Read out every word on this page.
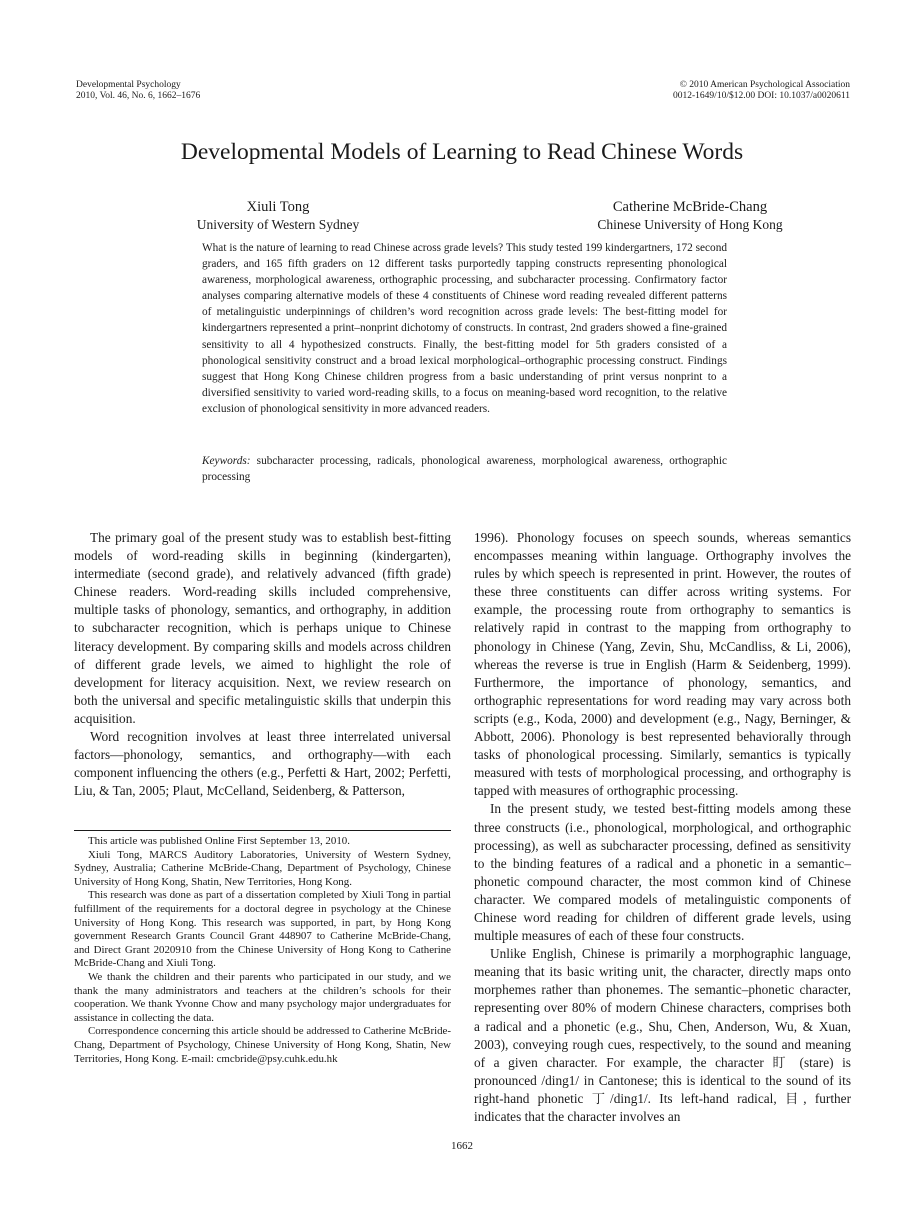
Developmental Psychology
2010, Vol. 46, No. 6, 1662–1676
© 2010 American Psychological Association
0012-1649/10/$12.00 DOI: 10.1037/a0020611
Developmental Models of Learning to Read Chinese Words
Xiuli Tong
University of Western Sydney
Catherine McBride-Chang
Chinese University of Hong Kong

What is the nature of learning to read Chinese across grade levels? This study tested 199 kindergartners, 172 second graders, and 165 fifth graders on 12 different tasks purportedly tapping constructs representing phonological awareness, morphological awareness, orthographic processing, and subcharacter processing. Confirmatory factor analyses comparing alternative models of these 4 constituents of Chinese word reading revealed different patterns of metalinguistic underpinnings of children’s word recognition across grade levels: The best-fitting model for kindergartners represented a print–nonprint dichotomy of constructs. In contrast, 2nd graders showed a fine-grained sensitivity to all 4 hypothesized constructs. Finally, the best-fitting model for 5th graders consisted of a phonological sensitivity construct and a broad lexical morphological–orthographic processing construct. Findings suggest that Hong Kong Chinese children progress from a basic understanding of print versus nonprint to a diversified sensitivity to varied word-reading skills, to a focus on meaning-based word recognition, to the relative exclusion of phonological sensitivity in more advanced readers.

Keywords: subcharacter processing, radicals, phonological awareness, morphological awareness, orthographic processing

The primary goal of the present study was to establish best-fitting models of word-reading skills in beginning (kindergarten), intermediate (second grade), and relatively advanced (fifth grade) Chinese readers. Word-reading skills included comprehensive, multiple tasks of phonology, semantics, and orthography, in addition to subcharacter recognition, which is perhaps unique to Chinese literacy development. By comparing skills and models across children of different grade levels, we aimed to highlight the role of development for literacy acquisition. Next, we review research on both the universal and specific metalinguistic skills that underpin this acquisition.

Word recognition involves at least three interrelated universal factors—phonology, semantics, and orthography—with each component influencing the others (e.g., Perfetti & Hart, 2002; Perfetti, Liu, & Tan, 2005; Plaut, McCelland, Seidenberg, & Patterson,

This article was published Online First September 13, 2010.

Xiuli Tong, MARCS Auditory Laboratories, University of Western Sydney, Sydney, Australia; Catherine McBride-Chang, Department of Psychology, Chinese University of Hong Kong, Shatin, New Territories, Hong Kong.

This research was done as part of a dissertation completed by Xiuli Tong in partial fulfillment of the requirements for a doctoral degree in psychology at the Chinese University of Hong Kong. This research was supported, in part, by Hong Kong government Research Grants Council Grant 448907 to Catherine McBride-Chang, and Direct Grant 2020910 from the Chinese University of Hong Kong to Catherine McBride-Chang and Xiuli Tong.

We thank the children and their parents who participated in our study, and we thank the many administrators and teachers at the children’s schools for their cooperation. We thank Yvonne Chow and many psychology major undergraduates for assistance in collecting the data.

Correspondence concerning this article should be addressed to Catherine McBride-Chang, Department of Psychology, Chinese University of Hong Kong, Shatin, New Territories, Hong Kong. E-mail: cmcbride@psy.cuhk.edu.hk

1996). Phonology focuses on speech sounds, whereas semantics encompasses meaning within language. Orthography involves the rules by which speech is represented in print. However, the routes of these three constituents can differ across writing systems. For example, the processing route from orthography to semantics is relatively rapid in contrast to the mapping from orthography to phonology in Chinese (Yang, Zevin, Shu, McCandliss, & Li, 2006), whereas the reverse is true in English (Harm & Seidenberg, 1999). Furthermore, the importance of phonology, semantics, and orthographic representations for word reading may vary across both scripts (e.g., Koda, 2000) and development (e.g., Nagy, Berninger, & Abbott, 2006). Phonology is best represented behaviorally through tasks of phonological processing. Similarly, semantics is typically measured with tests of morphological processing, and orthography is tapped with measures of orthographic processing.

In the present study, we tested best-fitting models among these three constructs (i.e., phonological, morphological, and orthographic processing), as well as subcharacter processing, defined as sensitivity to the binding features of a radical and a phonetic in a semantic–phonetic compound character, the most common kind of Chinese character. We compared models of metalinguistic components of Chinese word reading for children of different grade levels, using multiple measures of each of these four constructs.

Unlike English, Chinese is primarily a morphographic language, meaning that its basic writing unit, the character, directly maps onto morphemes rather than phonemes. The semantic–phonetic character, representing over 80% of modern Chinese characters, comprises both a radical and a phonetic (e.g., Shu, Chen, Anderson, Wu, & Xuan, 2003), conveying rough cues, respectively, to the sound and meaning of a given character. For example, the character 盯 (stare) is pronounced /ding1/ in Cantonese; this is identical to the sound of its right-hand phonetic 丁/ding1/. Its left-hand radical, 目, further indicates that the character involves an

1662
